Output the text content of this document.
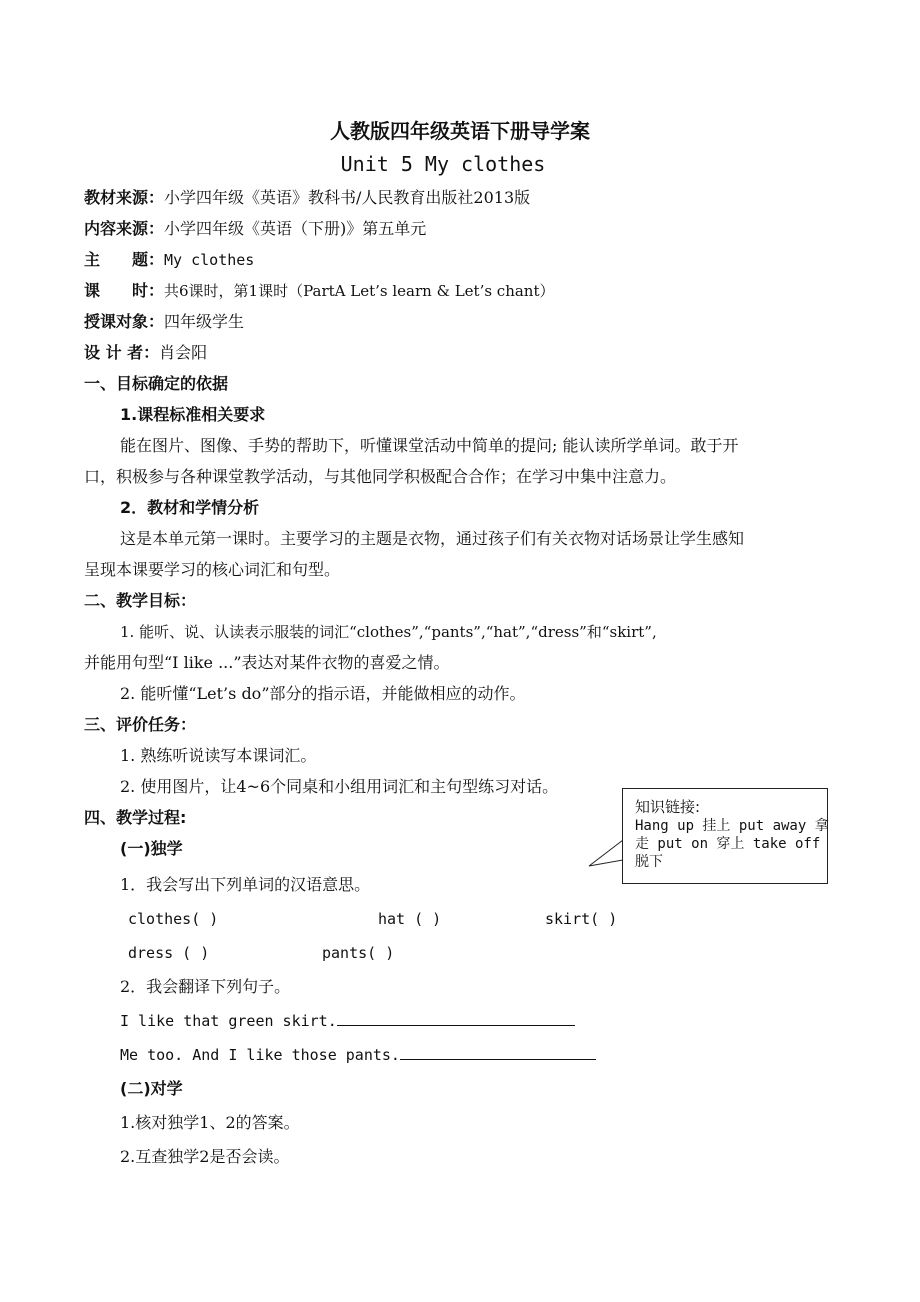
人教版四年级英语下册导学案
Unit 5 My clothes
教材来源：小学四年级《英语》教科书/人民教育出版社2013版
内容来源：小学四年级《英语（下册)》第五单元
主　　题：My clothes
课　　时：共6课时，第1课时（PartA Let’s learn & Let’s chant）
授课对象：四年级学生
设 计 者：肖会阳
一、目标确定的依据
1.课程标准相关要求
能在图片、图像、手势的帮助下，听懂课堂活动中简单的提问; 能认读所学单词。敢于开
口，积极参与各种课堂教学活动，与其他同学积极配合合作；在学习中集中注意力。
2．教材和学情分析
这是本单元第一课时。主要学习的主题是衣物，通过孩子们有关衣物对话场景让学生感知
呈现本课要学习的核心词汇和句型。
二、教学目标：
1. 能听、说、认读表示服装的词汇“clothes”,“pants”,“hat”,“dress”和“skirt”,
并能用句型“I like ...”表达对某件衣物的喜爱之情。
2. 能听懂“Let’s do”部分的指示语，并能做相应的动作。
三、评价任务：
1. 熟练听说读写本课词汇。
2. 使用图片，让4~6个同桌和小组用词汇和主句型练习对话。
四、教学过程:
(一)独学
1．我会写出下列单词的汉语意思。
clothes( )	hat ( )	skirt( )
dress ( )	pants( )
2．我会翻译下列句子。
I like that green skirt.
Me too. And I like those pants.
(二)对学
1.核对独学1、2的答案。
2.互查独学2是否会读。
知识链接:
Hang up 挂上 put away 拿走 put on 穿上 take off 脱下
